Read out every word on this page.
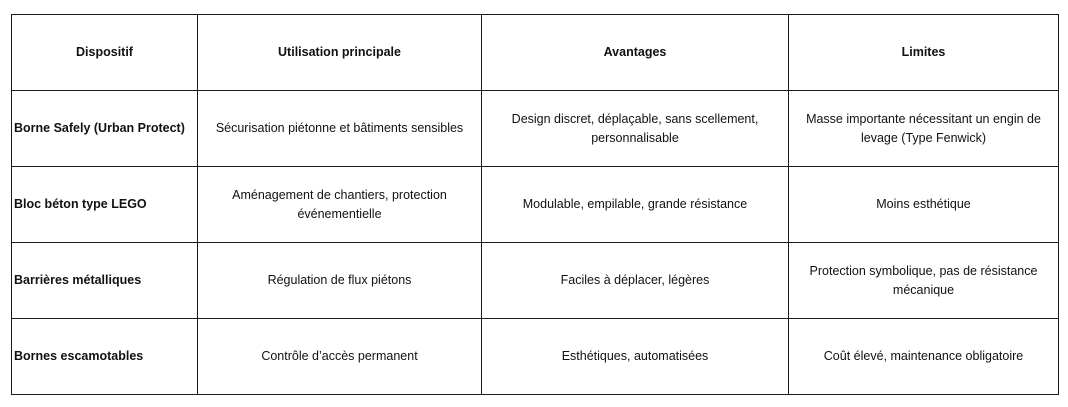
Dispositif	Utilisation principale	Avantages	Limites
Borne Safely (Urban Protect)	Sécurisation piétonne et bâtiments sensibles	Design discret, déplaçable, sans scellement, personnalisable	Masse importante nécessitant un engin de levage (Type Fenwick)
Bloc béton type LEGO	Aménagement de chantiers, protection événementielle	Modulable, empilable, grande résistance	Moins esthétique
Barrières métalliques	Régulation de flux piétons	Faciles à déplacer, légères	Protection symbolique, pas de résistance mécanique
Bornes escamotables	Contrôle d’accès permanent	Esthétiques, automatisées	Coût élevé, maintenance obligatoire
